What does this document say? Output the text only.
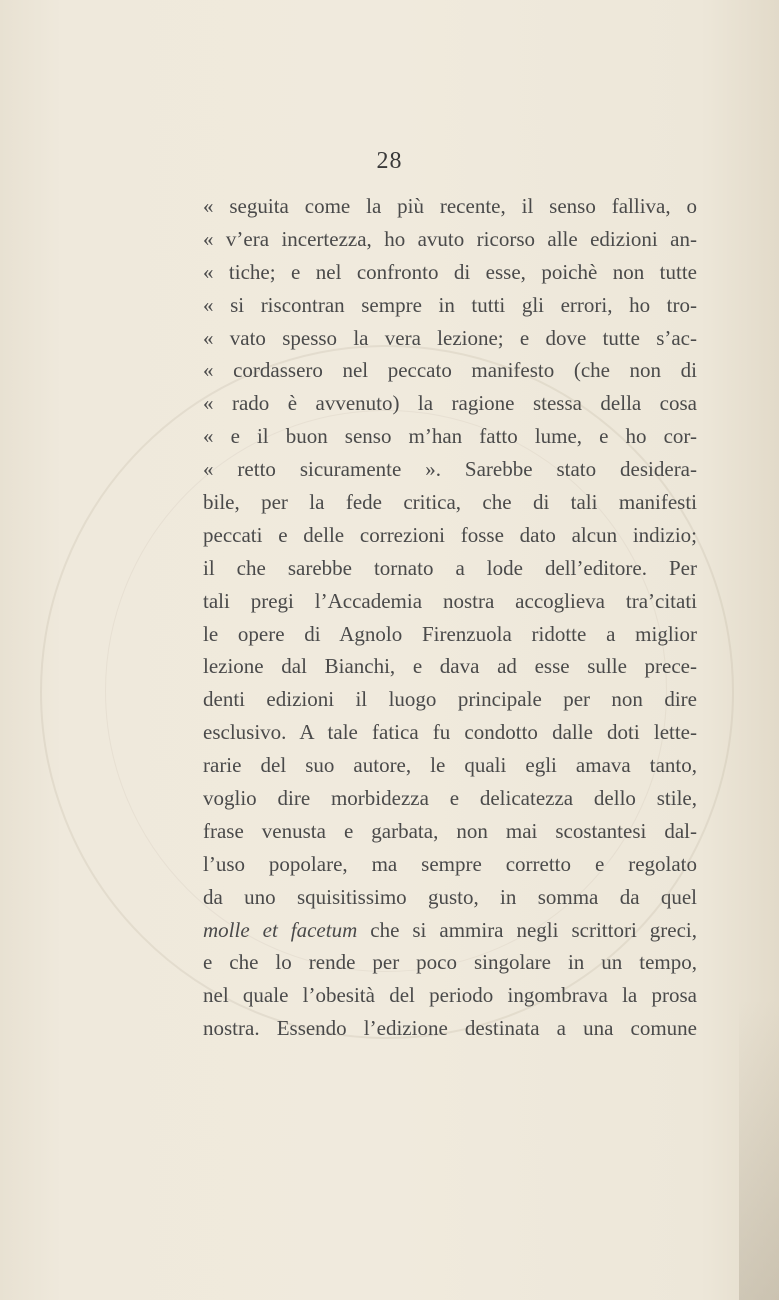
28
« seguita come la più recente, il senso falliva, o
« v’era incertezza, ho avuto ricorso alle edizioni an-
« tiche; e nel confronto di esse, poichè non tutte
« si riscontran sempre in tutti gli errori, ho tro-
« vato spesso la vera lezione; e dove tutte s’ac-
« cordassero nel peccato manifesto (che non di
« rado è avvenuto) la ragione stessa della cosa
« e il buon senso m’han fatto lume, e ho cor-
« retto sicuramente ». Sarebbe stato desidera-
bile, per la fede critica, che di tali manifesti
peccati e delle correzioni fosse dato alcun indizio;
il che sarebbe tornato a lode dell’editore. Per
tali pregi l’Accademia nostra accoglieva tra’citati
le opere di Agnolo Firenzuola ridotte a miglior
lezione dal Bianchi, e dava ad esse sulle prece-
denti edizioni il luogo principale per non dire
esclusivo. A tale fatica fu condotto dalle doti lette-
rarie del suo autore, le quali egli amava tanto,
voglio dire morbidezza e delicatezza dello stile,
frase venusta e garbata, non mai scostantesi dal-
l’uso popolare, ma sempre corretto e regolato
da uno squisitissimo gusto, in somma da quel
molle et facetum che si ammira negli scrittori greci,
e che lo rende per poco singolare in un tempo,
nel quale l’obesità del periodo ingombrava la prosa
nostra. Essendo l’edizione destinata a una comune
